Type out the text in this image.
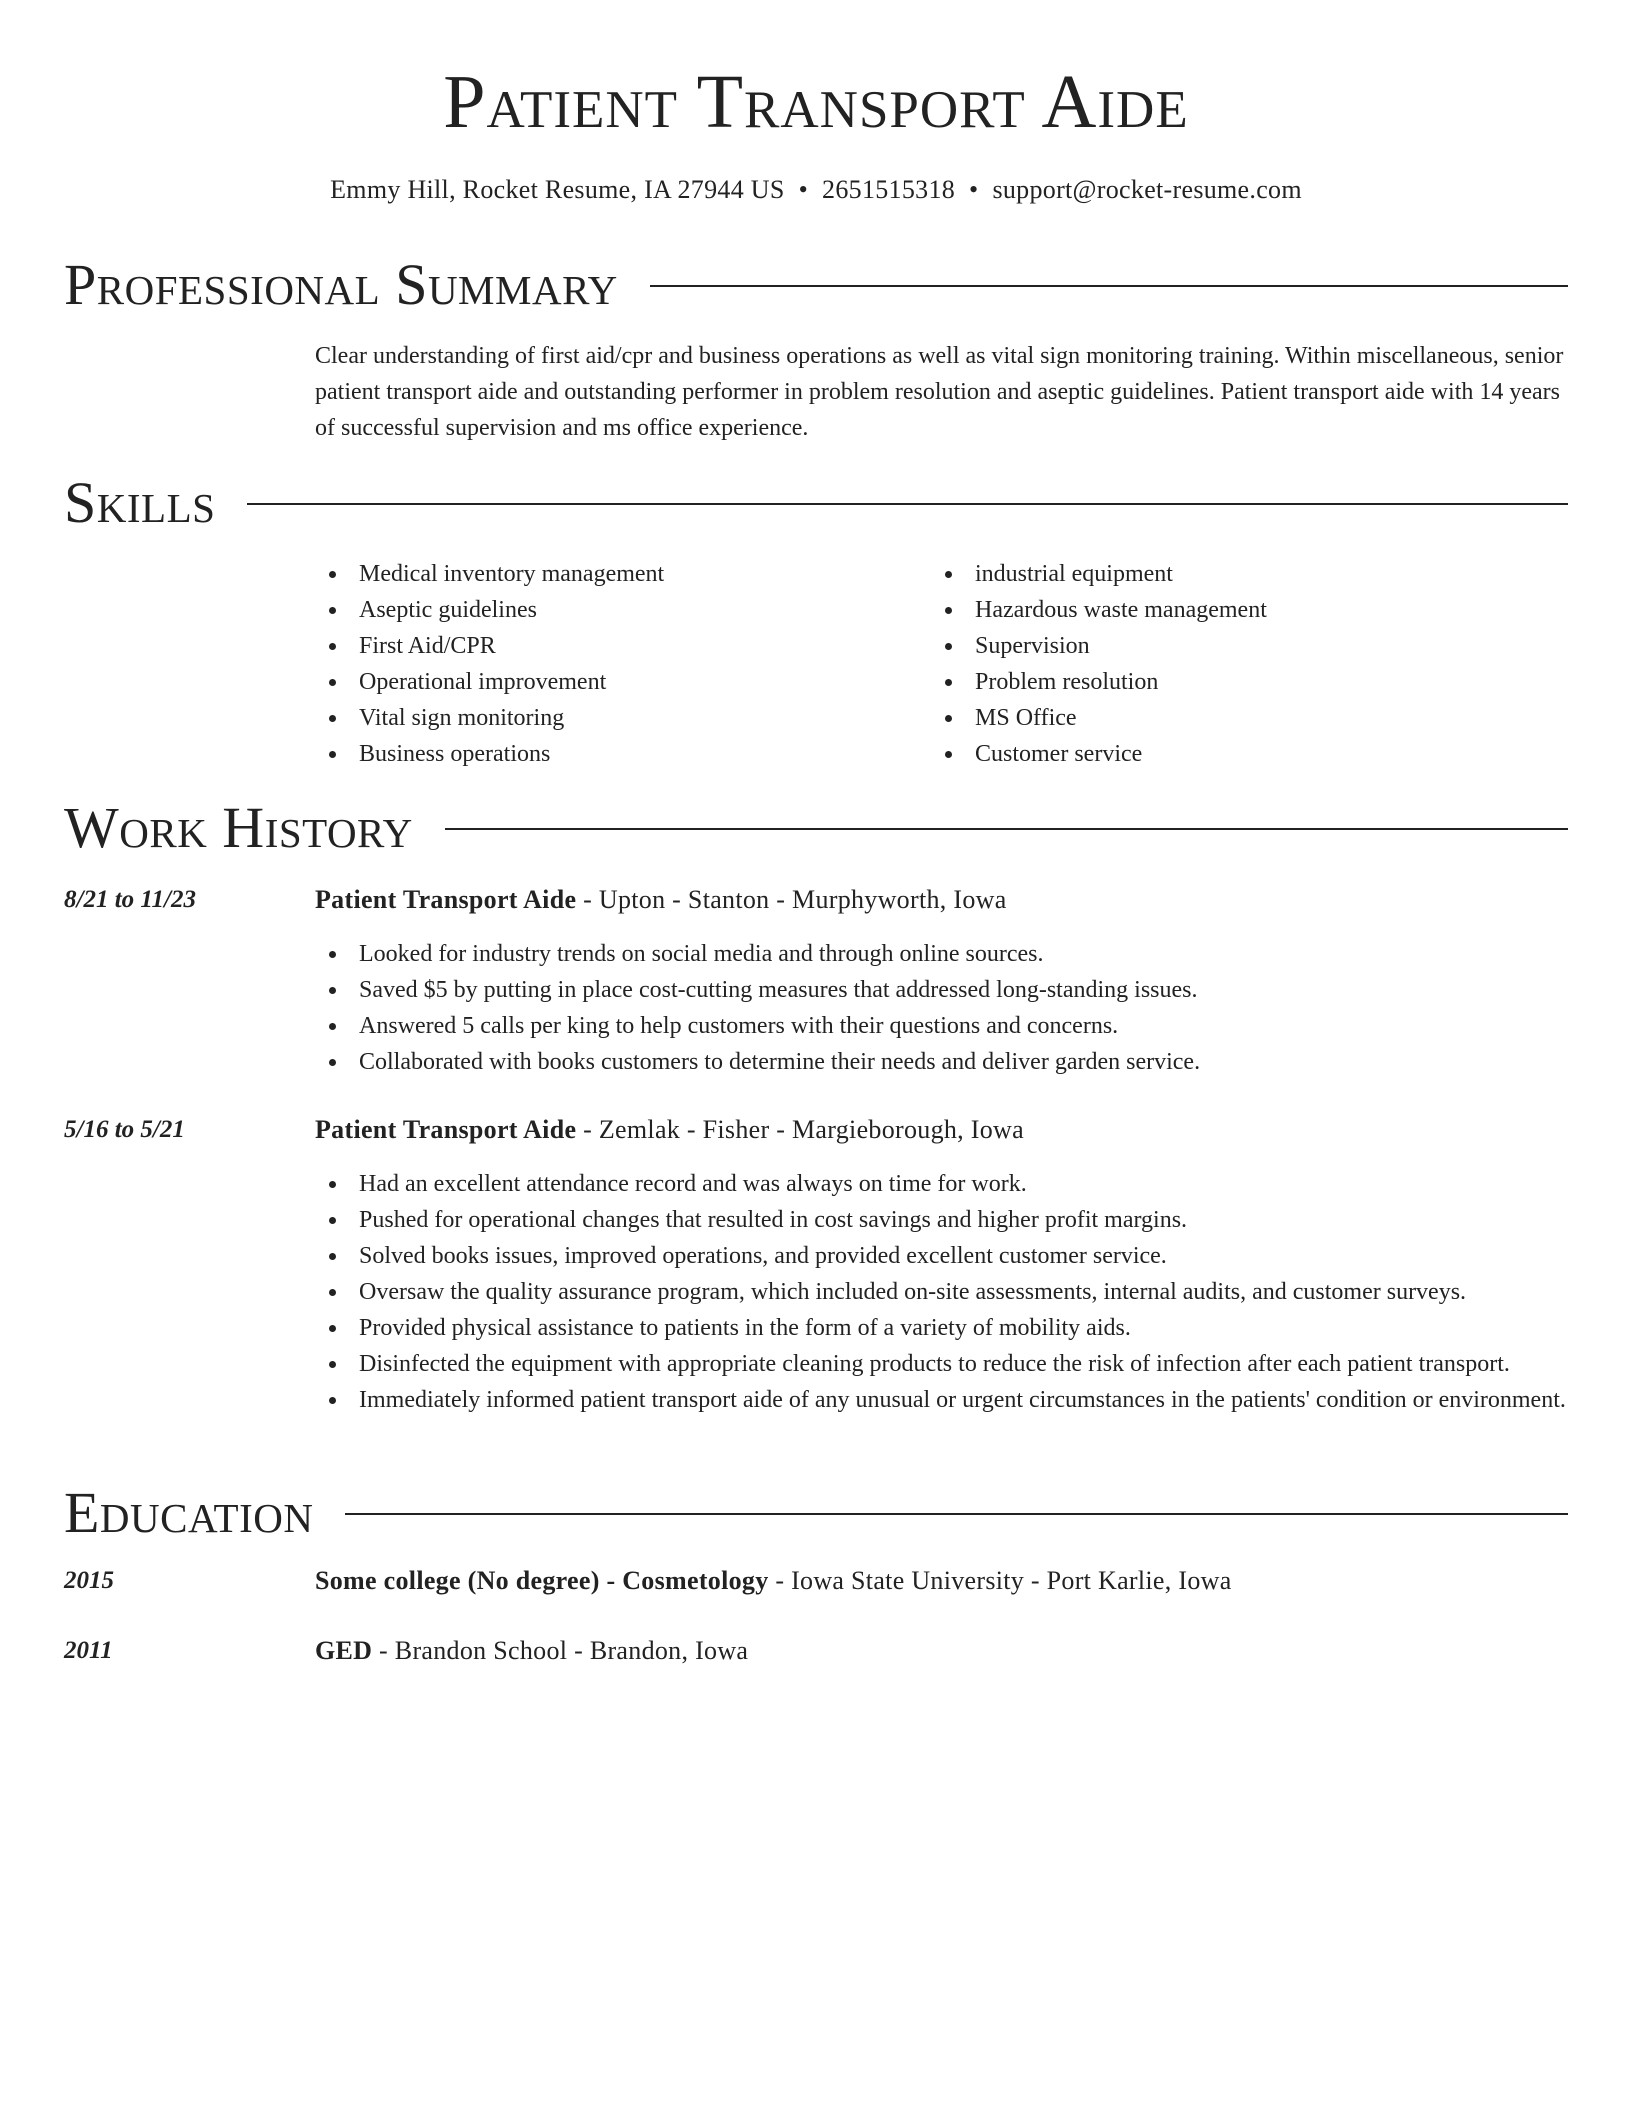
Patient Transport Aide
Emmy Hill, Rocket Resume, IA 27944 US • 2651515318 • support@rocket-resume.com
Professional Summary

Clear understanding of first aid/cpr and business operations as well as vital sign monitoring training. Within miscellaneous, senior patient transport aide and outstanding performer in problem resolution and aseptic guidelines. Patient transport aide with 14 years of successful supervision and ms office experience.

Skills
Medical inventory management
Aseptic guidelines
First Aid/CPR
Operational improvement
Vital sign monitoring
Business operations
industrial equipment
Hazardous waste management
Supervision
Problem resolution
MS Office
Customer service
Work History
8/21 to 11/23	Patient Transport Aide - Upton - Stanton - Murphyworth, Iowa
Looked for industry trends on social media and through online sources.
Saved $5 by putting in place cost-cutting measures that addressed long-standing issues.
Answered 5 calls per king to help customers with their questions and concerns.
Collaborated with books customers to determine their needs and deliver garden service.
5/16 to 5/21	Patient Transport Aide - Zemlak - Fisher - Margieborough, Iowa
Had an excellent attendance record and was always on time for work.
Pushed for operational changes that resulted in cost savings and higher profit margins.
Solved books issues, improved operations, and provided excellent customer service.
Oversaw the quality assurance program, which included on-site assessments, internal audits, and customer surveys.
Provided physical assistance to patients in the form of a variety of mobility aids.
Disinfected the equipment with appropriate cleaning products to reduce the risk of infection after each patient transport.
Immediately informed patient transport aide of any unusual or urgent circumstances in the patients' condition or environment.
Education
2015	Some college (No degree) - Cosmetology - Iowa State University - Port Karlie, Iowa
2011	GED - Brandon School - Brandon, Iowa
